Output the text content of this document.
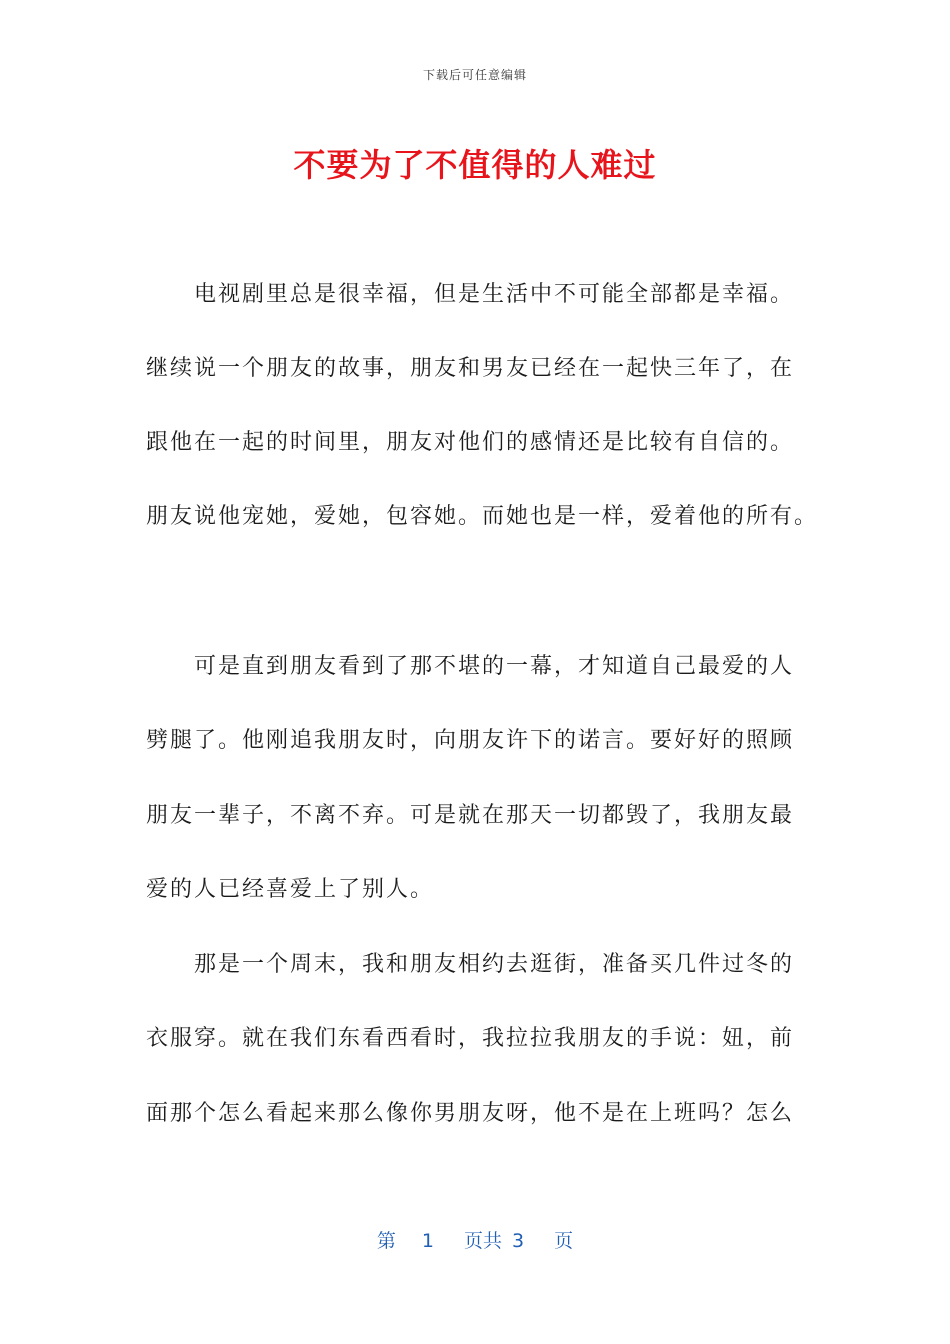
下载后可任意编辑
不要为了不值得的人难过
　　电视剧里总是很幸福，但是生活中不可能全部都是幸福。
继续说一个朋友的故事，朋友和男友已经在一起快三年了，在
跟他在一起的时间里，朋友对他们的感情还是比较有自信的。
朋友说他宠她，爱她，包容她。而她也是一样，爱着他的所有。
　　可是直到朋友看到了那不堪的一幕，才知道自己最爱的人
劈腿了。他刚追我朋友时，向朋友许下的诺言。要好好的照顾
朋友一辈子，不离不弃。可是就在那天一切都毁了，我朋友最
爱的人已经喜爱上了别人。
　　那是一个周末，我和朋友相约去逛街，准备买几件过冬的
衣服穿。就在我们东看西看时，我拉拉我朋友的手说：妞，前
面那个怎么看起来那么像你男朋友呀，他不是在上班吗？怎么
第 1 页共 3 页
